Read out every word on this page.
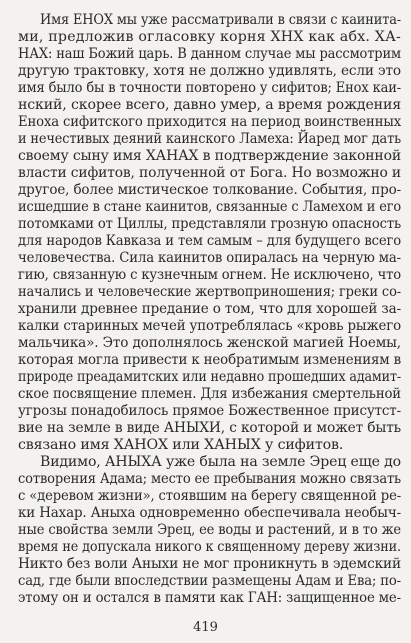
Имя ЕНОХ мы уже рассматривали в связи с каинита-
ми, предложив огласовку корня ХНХ как абх. ХА-
НАХ: наш Божий царь. В данном случае мы рассмотрим
другую трактовку, хотя не должно удивлять, если это
имя было бы в точности повторено у сифитов; Енох каи-
нский, скорее всего, давно умер, а время рождения
Еноха сифитского приходится на период воинственных
и нечестивых деяний каинского Ламеха: Йаред мог дать
своему сыну имя ХАНАХ в подтверждение законной
власти сифитов, полученной от Бога. Но возможно и
другое, более мистическое толкование. События, про-
исшедшие в стане каинитов, связанные с Ламехом и его
потомками от Циллы, представляли грозную опасность
для народов Кавказа и тем самым – для будущего всего
человечества. Сила каинитов опиралась на черную ма-
гию, связанную с кузнечным огнем. Не исключено, что
начались и человеческие жертвоприношения; греки со-
хранили древнее предание о том, что для хорошей за-
калки старинных мечей употреблялась «кровь рыжего
мальчика». Это дополнялось женской магией Ноемы,
которая могла привести к необратимым изменениям в
природе преадамитских или недавно прошедших адамит-
ское посвящение племен. Для избежания смертельной
угрозы понадобилось прямое Божественное присутст-
вие на земле в виде АНЫХИ, с которой и может быть
связано имя ХАНОХ или ХАНЫХ у сифитов.
Видимо, АНЫХА уже была на земле Эрец еще до
сотворения Адама; место ее пребывания можно связать
с «деревом жизни», стоявшим на берегу священной ре-
ки Нахар. Аныха одновременно обеспечивала необыч-
ные свойства земли Эрец, ее воды и растений, и в то же
время не допускала никого к священному дереву жизни.
Никто без воли Аныхи не мог проникнуть в эдемский
сад, где были впоследствии размещены Адам и Ева; по-
этому он и остался в памяти как ГАН: защищенное ме-
419
